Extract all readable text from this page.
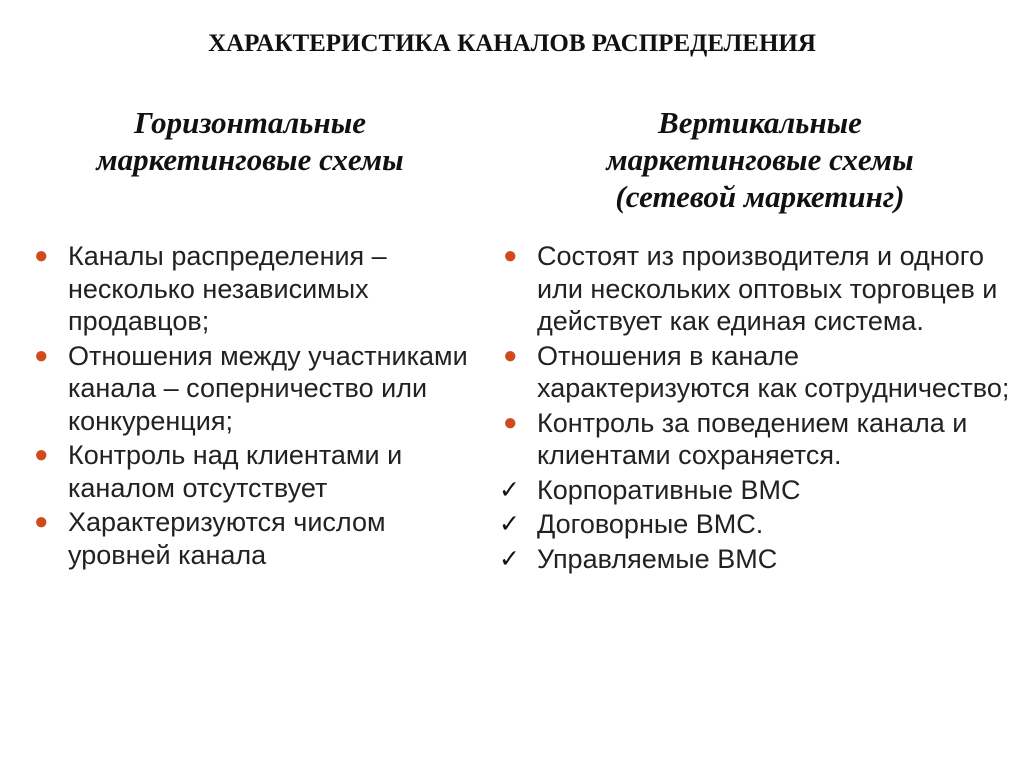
ХАРАКТЕРИСТИКА КАНАЛОВ РАСПРЕДЕЛЕНИЯ
Горизонтальные
маркетинговые схемы
Вертикальные
маркетинговые схемы
(сетевой маркетинг)
● Каналы распределения – несколько независимых продавцов;
● Отношения между участниками канала – соперничество или конкуренция;
● Контроль над клиентами и каналом отсутствует
● Характеризуются числом уровней канала
● Состоят из производителя и одного или нескольких оптовых торговцев и действует как единая система.
● Отношения в канале характеризуются как сотрудничество;
● Контроль за поведением канала и клиентами сохраняется.
✓ Корпоративные ВМС
✓ Договорные ВМС.
✓ Управляемые ВМС
